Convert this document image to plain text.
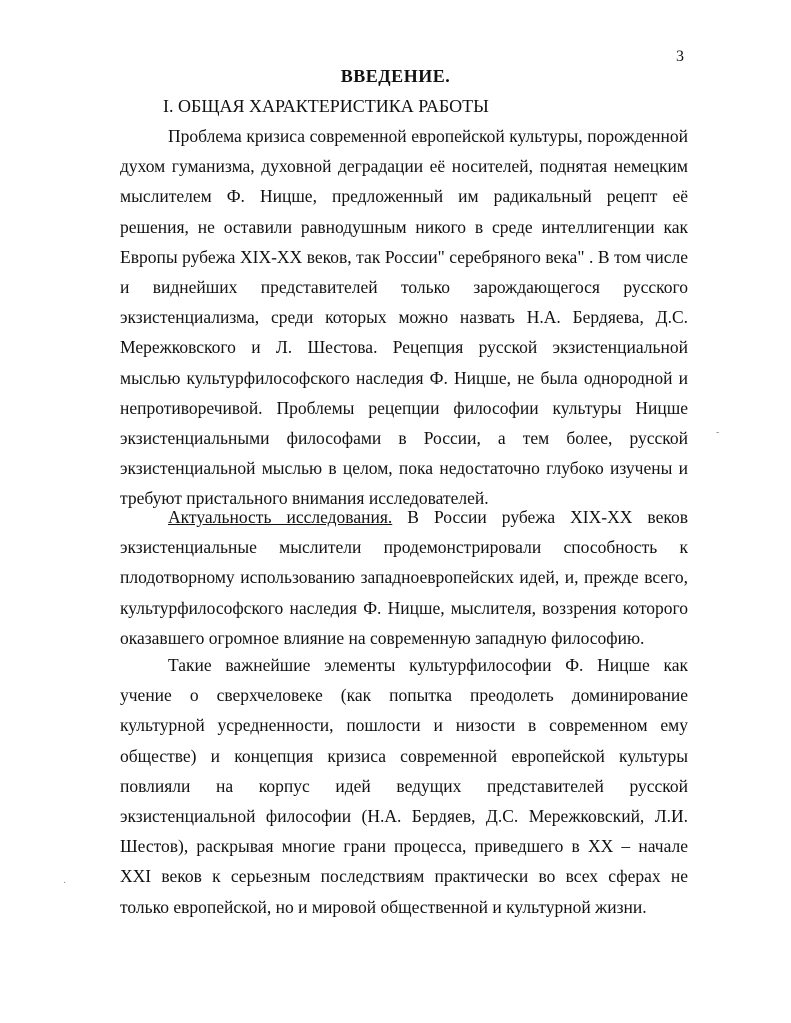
3
ВВЕДЕНИЕ.
I. ОБЩАЯ ХАРАКТЕРИСТИКА РАБОТЫ
Проблема кризиса современной европейской культуры, порожденной
духом гуманизма, духовной деградации её носителей, поднятая немецким
мыслителем Ф. Ницше, предложенный им радикальный рецепт её
решения, не оставили равнодушным никого в среде интеллигенции как
Европы рубежа XIX-XX веков, так России" серебряного века" . В том числе
и виднейших представителей только зарождающегося русского
экзистенциализма, среди которых можно назвать Н.А. Бердяева, Д.С.
Мережковского и Л. Шестова. Рецепция русской экзистенциальной
мыслью культурфилософского наследия Ф. Ницше, не была однородной и
непротиворечивой. Проблемы рецепции философии культуры Ницше
экзистенциальными философами в России, а тем более, русской
экзистенциальной мыслью в целом, пока недостаточно глубоко изучены и
требуют пристального внимания исследователей.
Актуальность исследования. В России рубежа XIX-XX веков
экзистенциальные мыслители продемонстрировали способность к
плодотворному использованию западноевропейских идей, и, прежде всего,
культурфилософского наследия Ф. Ницше, мыслителя, воззрения которого
оказавшего огромное влияние на современную западную философию.
Такие важнейшие элементы культурфилософии Ф. Ницше как
учение о сверхчеловеке (как попытка преодолеть доминирование
культурной усредненности, пошлости и низости в современном ему
обществе) и концепция кризиса современной европейской культуры
повлияли на корпус идей ведущих представителей русской
экзистенциальной философии (Н.А. Бердяев, Д.С. Мережковский, Л.И.
Шестов), раскрывая многие грани процесса, приведшего в XX – начале
XXI веков к серьезным последствиям практически во всех сферах не
только европейской, но и мировой общественной и культурной жизни.
‐
·
